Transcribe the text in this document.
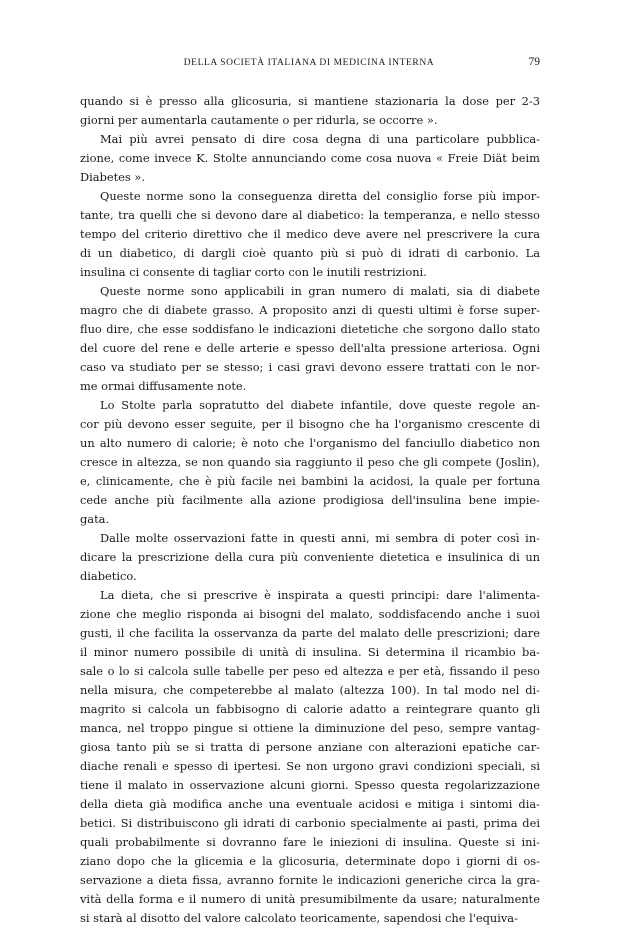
DELLA SOCIETÀ ITALIANA DI MEDICINA INTERNA	79
quando si è presso alla glicosuria, si mantiene stazionaria la dose per 2-3
giorni per aumentarla cautamente o per ridurla, se occorre ».
Mai più avrei pensato di dire cosa degna di una particolare pubblica-
zione, come invece K. Stolte annunciando come cosa nuova « Freie Diät beim
Diabetes ».
Queste norme sono la conseguenza diretta del consiglio forse più impor-
tante, tra quelli che si devono dare al diabetico: la temperanza, e nello stesso
tempo del criterio direttivo che il medico deve avere nel prescrivere la cura
di un diabetico, di dargli cioè quanto più si può di idrati di carbonio. La
insulina ci consente di tagliar corto con le inutili restrizioni.
Queste norme sono applicabili in gran numero di malati, sia di diabete
magro che di diabete grasso. A proposito anzi di questi ultimi è forse super-
fluo dire, che esse soddisfano le indicazioni dietetiche che sorgono dallo stato
del cuore del rene e delle arterie e spesso dell'alta pressione arteriosa. Ogni
caso va studiato per se stesso; i casi gravi devono essere trattati con le nor-
me ormai diffusamente note.
Lo Stolte parla sopratutto del diabete infantile, dove queste regole an-
cor più devono esser seguite, per il bisogno che ha l'organismo crescente di
un alto numero di calorie; è noto che l'organismo del fanciullo diabetico non
cresce in altezza, se non quando sia raggiunto il peso che gli compete (Joslin),
e, clinicamente, che è più facile nei bambini la acidosi, la quale per fortuna
cede anche più facilmente alla azione prodigiosa dell'insulina bene impie-
gata.
Dalle molte osservazioni fatte in questi anni, mi sembra di poter così in-
dicare la prescrizione della cura più conveniente dietetica e insulinica di un
diabetico.
La dieta, che si prescrive è inspirata a questi principi: dare l'alimenta-
zione che meglio risponda ai bisogni del malato, soddisfacendo anche i suoi
gusti, il che facilita la osservanza da parte del malato delle prescrizioni; dare
il minor numero possibile di unità di insulina. Si determina il ricambio ba-
sale o lo si calcola sulle tabelle per peso ed altezza e per età, fissando il peso
nella misura, che competerebbe al malato (altezza 100). In tal modo nel di-
magrito si calcola un fabbisogno di calorie adatto a reintegrare quanto gli
manca, nel troppo pingue si ottiene la diminuzione del peso, sempre vantag-
giosa tanto più se si tratta di persone anziane con alterazioni epatiche car-
diache renali e spesso di ipertesi. Se non urgono gravi condizioni speciali, si
tiene il malato in osservazione alcuni giorni. Spesso questa regolarizzazione
della dieta già modifica anche una eventuale acidosi e mitiga i sintomi dia-
betici. Si distribuiscono gli idrati di carbonio specialmente ai pasti, prima dei
quali probabilmente si dovranno fare le iniezioni di insulina. Queste si ini-
ziano dopo che la glicemia e la glicosuria, determinate dopo i giorni di os-
servazione a dieta fissa, avranno fornite le indicazioni generiche circa la gra-
vità della forma e il numero di unità presumibilmente da usare; naturalmente
si starà al disotto del valore calcolato teoricamente, sapendosi che l'equiva-
